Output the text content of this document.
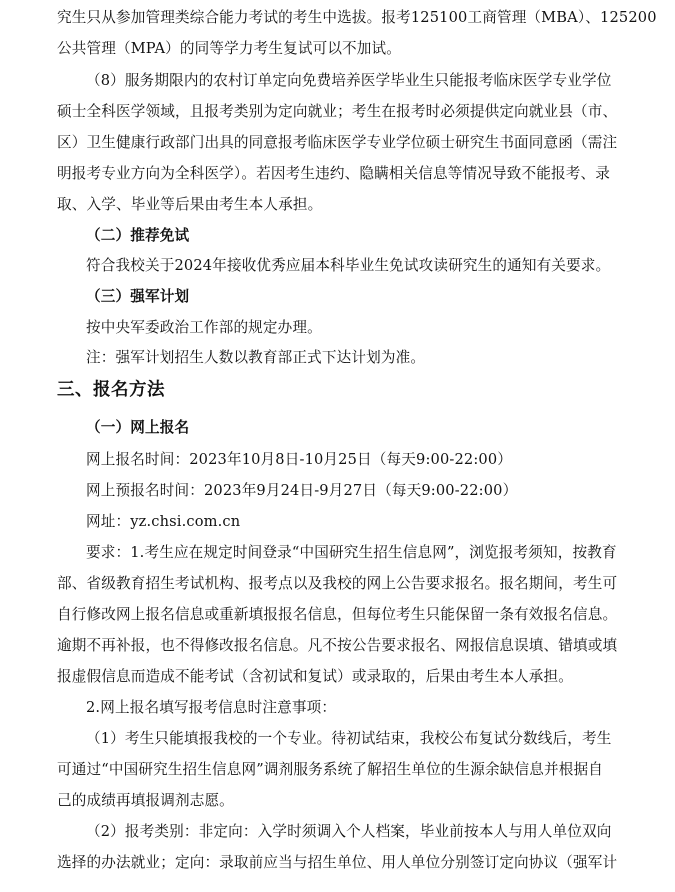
究生只从参加管理类综合能力考试的考生中选拔。报考125100工商管理（MBA）、125200
公共管理（MPA）的同等学力考生复试可以不加试。
（8）服务期限内的农村订单定向免费培养医学毕业生只能报考临床医学专业学位
硕士全科医学领域，且报考类别为定向就业；考生在报考时必须提供定向就业县（市、
区）卫生健康行政部门出具的同意报考临床医学专业学位硕士研究生书面同意函（需注
明报考专业方向为全科医学）。若因考生违约、隐瞒相关信息等情况导致不能报考、录
取、入学、毕业等后果由考生本人承担。
（二）推荐免试
符合我校关于2024年接收优秀应届本科毕业生免试攻读研究生的通知有关要求。
（三）强军计划
按中央军委政治工作部的规定办理。
注：强军计划招生人数以教育部正式下达计划为准。
三、报名方法
（一）网上报名
网上报名时间：2023年10月8日-10月25日（每天9:00-22:00）
网上预报名时间：2023年9月24日-9月27日（每天9:00-22:00）
网址：yz.chsi.com.cn
要求：1.考生应在规定时间登录“中国研究生招生信息网”，浏览报考须知，按教育
部、省级教育招生考试机构、报考点以及我校的网上公告要求报名。报名期间，考生可
自行修改网上报名信息或重新填报报名信息，但每位考生只能保留一条有效报名信息。
逾期不再补报，也不得修改报名信息。凡不按公告要求报名、网报信息误填、错填或填
报虚假信息而造成不能考试（含初试和复试）或录取的，后果由考生本人承担。
2.网上报名填写报考信息时注意事项：
（1）考生只能填报我校的一个专业。待初试结束，我校公布复试分数线后，考生
可通过“中国研究生招生信息网”调剂服务系统了解招生单位的生源余缺信息并根据自
己的成绩再填报调剂志愿。
（2）报考类别：非定向：入学时须调入个人档案，毕业前按本人与用人单位双向
选择的办法就业；定向：录取前应当与招生单位、用人单位分别签订定向协议（强军计
